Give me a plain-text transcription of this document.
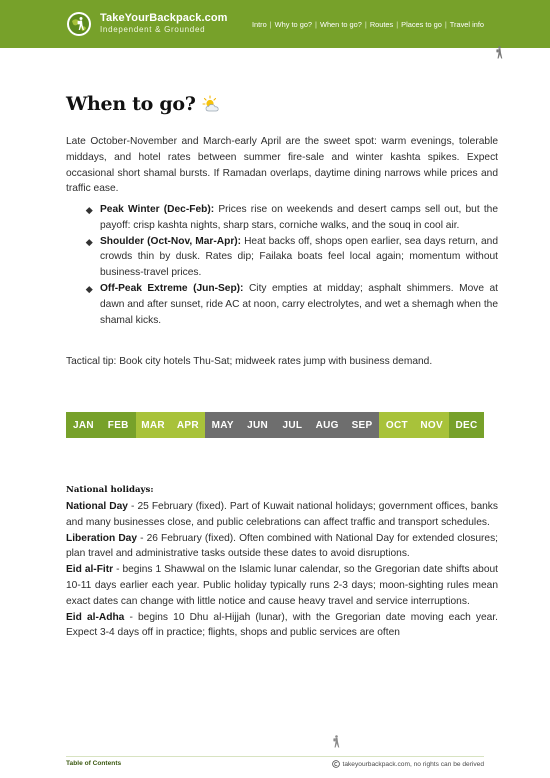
TakeYourBackpack.com
Independent & Grounded
Intro | Why to go? | When to go? | Routes | Places to go | Travel info
When to go?
Late October-November and March-early April are the sweet spot: warm evenings, tolerable middays, and hotel rates between summer fire-sale and winter kashta spikes. Expect occasional short shamal bursts. If Ramadan overlaps, daytime dining narrows while prices and traffic ease.
Peak Winter (Dec-Feb): Prices rise on weekends and desert camps sell out, but the payoff: crisp kashta nights, sharp stars, corniche walks, and the souq in cool air.
Shoulder (Oct-Nov, Mar-Apr): Heat backs off, shops open earlier, sea days return, and crowds thin by dusk. Rates dip; Failaka boats feel local again; momentum without business-travel prices.
Off-Peak Extreme (Jun-Sep): City empties at midday; asphalt shimmers. Move at dawn and after sunset, ride AC at noon, carry electrolytes, and wet a shemagh when the shamal kicks.
Tactical tip: Book city hotels Thu-Sat; midweek rates jump with business demand.
JAN	FEB	MAR	APR	MAY	JUN	JUL	AUG	SEP	OCT	NOV	DEC
National holidays:

National Day - 25 February (fixed). Part of Kuwait national holidays; government offices, banks and many businesses close, and public celebrations can affect traffic and transport schedules.

Liberation Day - 26 February (fixed). Often combined with National Day for extended closures; plan travel and administrative tasks outside these dates to avoid disruptions.

Eid al-Fitr - begins 1 Shawwal on the Islamic lunar calendar, so the Gregorian date shifts about 10-11 days earlier each year. Public holiday typically runs 2-3 days; moon-sighting rules mean exact dates can change with little notice and cause heavy travel and service interruptions.

Eid al-Adha - begins 10 Dhu al-Hijjah (lunar), with the Gregorian date moving each year. Expect 3-4 days off in practice; flights, shops and public services are often

Table of Contents	takeyourbackpack.com, no rights can be derived
